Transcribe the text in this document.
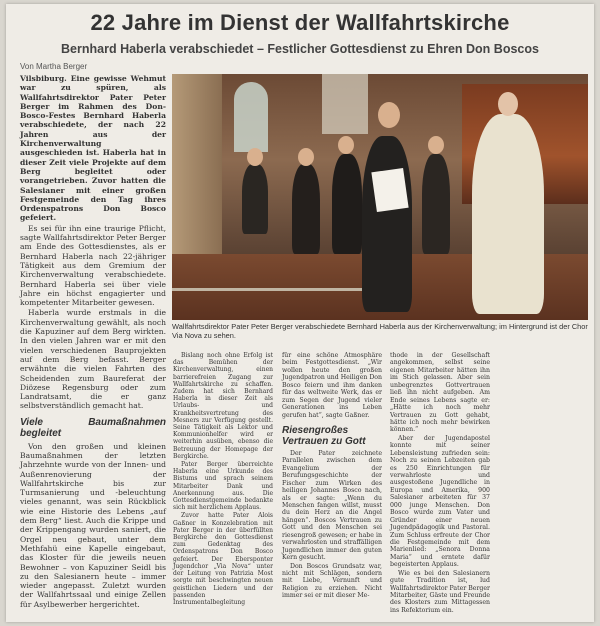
22 Jahre im Dienst der Wallfahrtskirche
Bernhard Haberla verabschiedet – Festlicher Gottesdienst zu Ehren Don Boscos
Von Martha Berger

Vilsbiburg. Eine gewisse Wehmut war zu spüren, als Wallfahrtsdirektor Pater Peter Berger im Rahmen des Don-Bosco-Festes Bernhard Haberla verabschiedete, der nach 22 Jahren aus der Kirchenverwaltung ausgeschieden ist. Haberla hat in dieser Zeit viele Projekte auf dem Berg begleitet oder vorangetrieben. Zuvor hatten die Salesianer mit einer großen Festgemeinde den Tag ihres Ordenspatrons Don Bosco gefeiert.

Es sei für ihn eine traurige Pflicht, sagte Wallfahrtsdirektor Peter Berger am Ende des Gottesdienstes, als er Bernhard Haberla nach 22-jähriger Tätigkeit aus dem Gremium der Kirchenverwaltung verabschiedete. Bernhard Haberla sei über viele Jahre ein höchst engagierter und kompetenter Mitarbeiter gewesen.

Haberla wurde erstmals in die Kirchenverwaltung gewählt, als noch die Kapuziner auf dem Berg wirkten. In den vielen Jahren war er mit den vielen verschiedenen Bauprojekten auf dem Berg befasst. Berger erwähnte die vielen Fahrten des Scheidenden zum Baureferat der Diözese Regensburg oder zum Landratsamt, die er ganz selbstverständlich gemacht hat.

Viele Baumaßnahmen begleitet

Von den großen und kleinen Baumaßnahmen der letzten Jahrzehnte wurde von der Innen- und Außenrenovierung der Wallfahrtskirche bis zur Turmsanierung und -beleuchtung vieles genannt, was sein Rückblick wie eine Historie des Lebens „auf dem Berg“ liest. Auch die Krippe und der Krippengang wurden saniert, die Orgel neu gebaut, unter dem Methfahü eine Kapelle eingebaut, das Kloster für die jeweils neuen Bewohner – von Kapuziner Seidl bis zu den Salesianern heute – immer wieder angepasst. Zuletzt wurden der Wallfahrtssaal und einige Zellen für Asylbewerber hergerichtet.

Wallfahrtsdirektor Pater Peter Berger verabschiedete Bernhard Haberla aus der Kirchenverwaltung; im Hintergrund ist der Chor Via Nova zu sehen.

Bislang noch ohne Erfolg ist das Bemühen der Kirchenverwaltung, einen barrierefreien Zugang zur Wallfahrtskirche zu schaffen. Zudem hat sich Bernhard Haberla in dieser Zeit als Urlaubs- und Krankheitsvertretung des Mesners zur Verfügung gestellt. Seine Tätigkeit als Lektor und Kommunionhelfer wird er weiterhin ausüben, ebenso die Betreuung der Homepage der Bergkirche.

Pater Berger überreichte Haberla eine Urkunde des Bistums und sprach seinem Mitarbeiter Dank und Anerkennung aus. Die Gottesdienstgemeinde bedankte sich mit herzlichem Applaus.

Zuvor hatte Pater Alois Gaßner in Konzelebration mit Pater Berger in der überfüllten Bergkirche den Gottesdienst zum Gedenktag des Ordenspatrons Don Bosco gefeiert. Der Ebersponter Jugendchor „Via Nova“ unter der Leitung von Patrizia Most sorgte mit beschwingten neuen geistlichen Liedern und der passenden Instrumentalbegleitung

für eine schöne Atmosphäre beim Festgottesdienst. „Wir wollen heute den großen Jugendpatron und Heiligen Don Bosco feiern und ihm danken für das weltweite Werk, das er zum Segen der Jugend vieler Generationen ins Leben gerufen hat“, sagte Gaßner.

Riesengroßes Vertrauen zu Gott

Der Pater zeichnete Parallelen zwischen dem Evangelium der Berufungsgeschichte der Fischer zum Wirken des heiligen Johannes Bosco nach, als er sagte: „Wenn du Menschen fangen willst, musst du dein Herz an die Angel hängen“. Boscos Vertrauen zu Gott und den Menschen sei riesengroß gewesen; er habe in verwahrlosten und straffälligen Jugendlichen immer den guten Kern gesucht.

Don Boscos Grundsatz war, nicht mit Schlägen, sondern mit Liebe, Vernunft und Religion zu erziehen. Nicht immer sei er mit dieser Me-

thode in der Gesellschaft angekommen, selbst seine eigenen Mitarbeiter hätten ihn im Stich gelassen. Aber sein unbegrenztes Gottvertrauen ließ ihn nicht aufgeben. Am Ende seines Lebens sagte er: „Hätte ich noch mehr Vertrauen zu Gott gehabt, hätte ich noch mehr bewirken können.“

Aber der Jugendapostel konnte mit seiner Lebensleistung zufrieden sein: Noch zu seinen Lebzeiten gab es 250 Einrichtungen für verwahrloste und ausgestoßene Jugendliche in Europa und Amerika, 900 Salesianer arbeiteten für 37 000 junge Menschen. Don Bosco wurde zum Vater und Gründer einer neuen Jugendpädagogik und Pastoral. Zum Schluss erfreute der Chor die Festgemeinde mit dem Marienlied: „Senora Donna Maria“ und erntete dafür begeisterten Applaus.

Wie es bei den Salesianern gute Tradition ist, lud Wallfahrtsdirektor Pater Berger Mitarbeiter, Gäste und Freunde des Klosters zum Mittagessen ins Refektorium ein.
